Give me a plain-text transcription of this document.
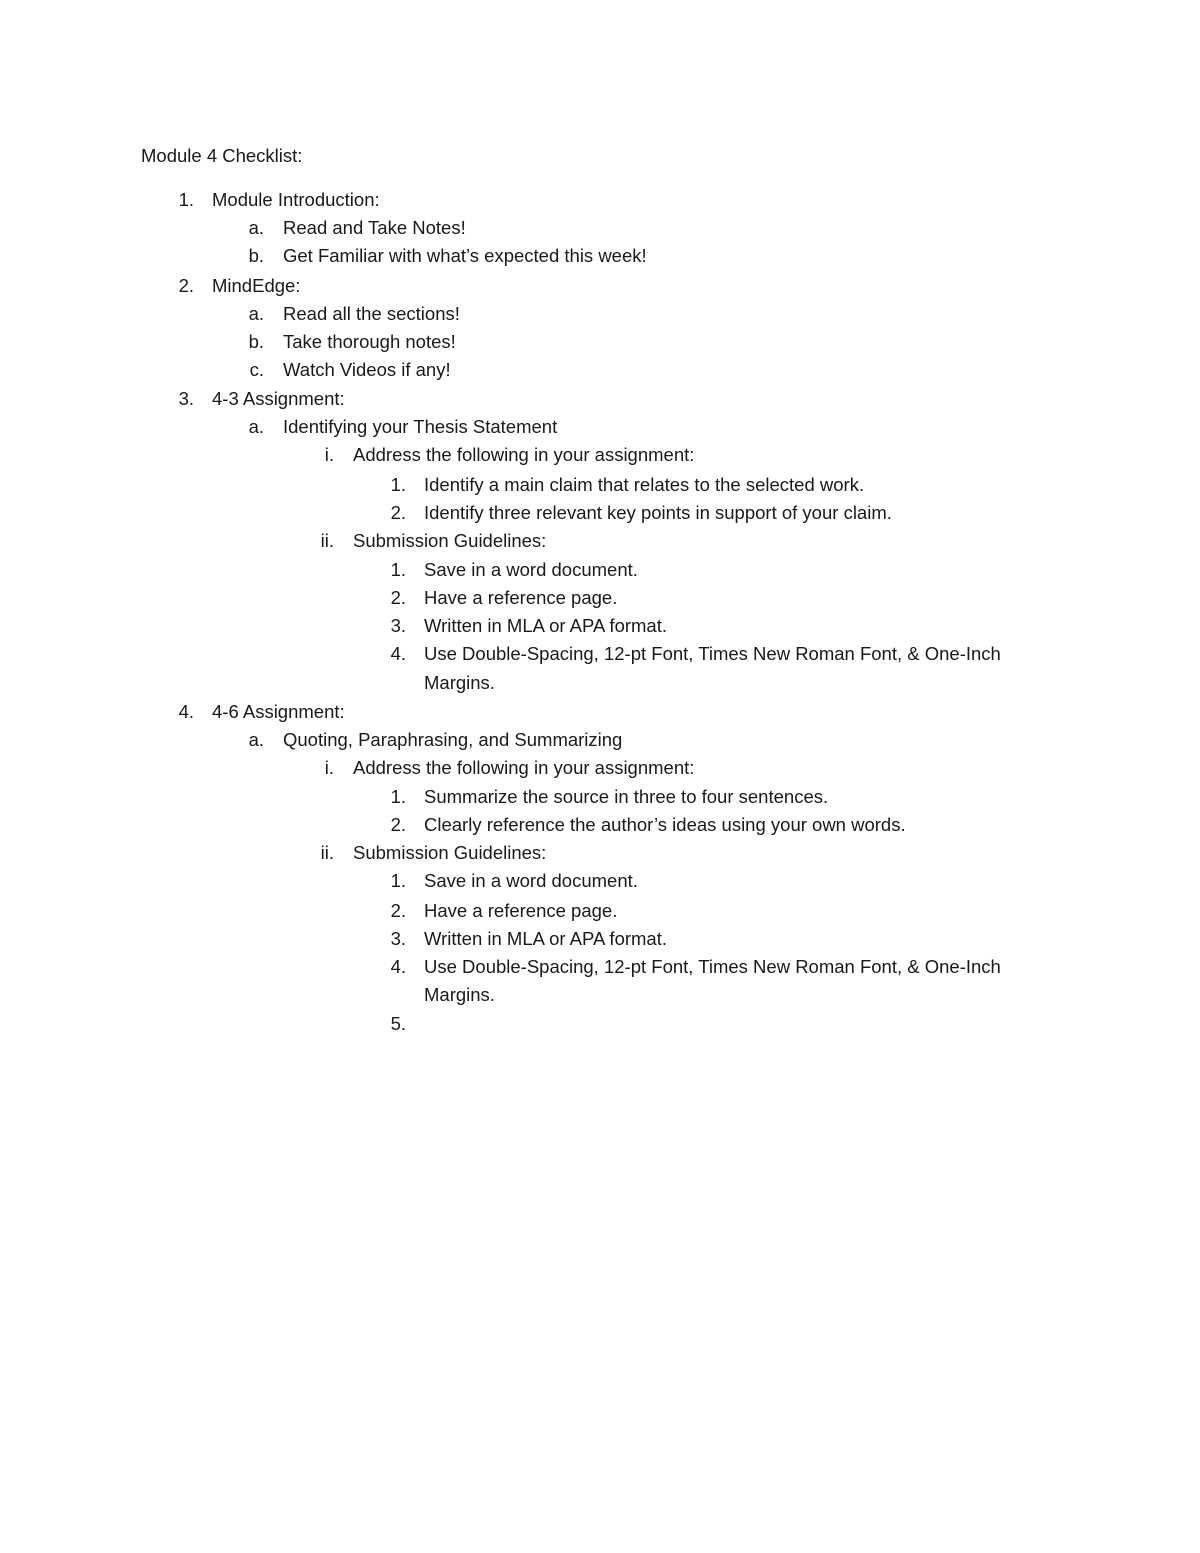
Module 4 Checklist:
1. Module Introduction:
a. Read and Take Notes!
b. Get Familiar with what’s expected this week!
2. MindEdge:
a. Read all the sections!
b. Take thorough notes!
c. Watch Videos if any!
3. 4-3 Assignment:
a. Identifying your Thesis Statement
i. Address the following in your assignment:
1. Identify a main claim that relates to the selected work.
2. Identify three relevant key points in support of your claim.
ii. Submission Guidelines:
1. Save in a word document.
2. Have a reference page.
3. Written in MLA or APA format.
4. Use Double-Spacing, 12-pt Font, Times New Roman Font, & One-Inch
Margins.
4. 4-6 Assignment:
a. Quoting, Paraphrasing, and Summarizing
i. Address the following in your assignment:
1. Summarize the source in three to four sentences.
2. Clearly reference the author’s ideas using your own words.
ii. Submission Guidelines:
1. Save in a word document.
2. Have a reference page.
3. Written in MLA or APA format.
4. Use Double-Spacing, 12-pt Font, Times New Roman Font, & One-Inch
Margins.
5.
